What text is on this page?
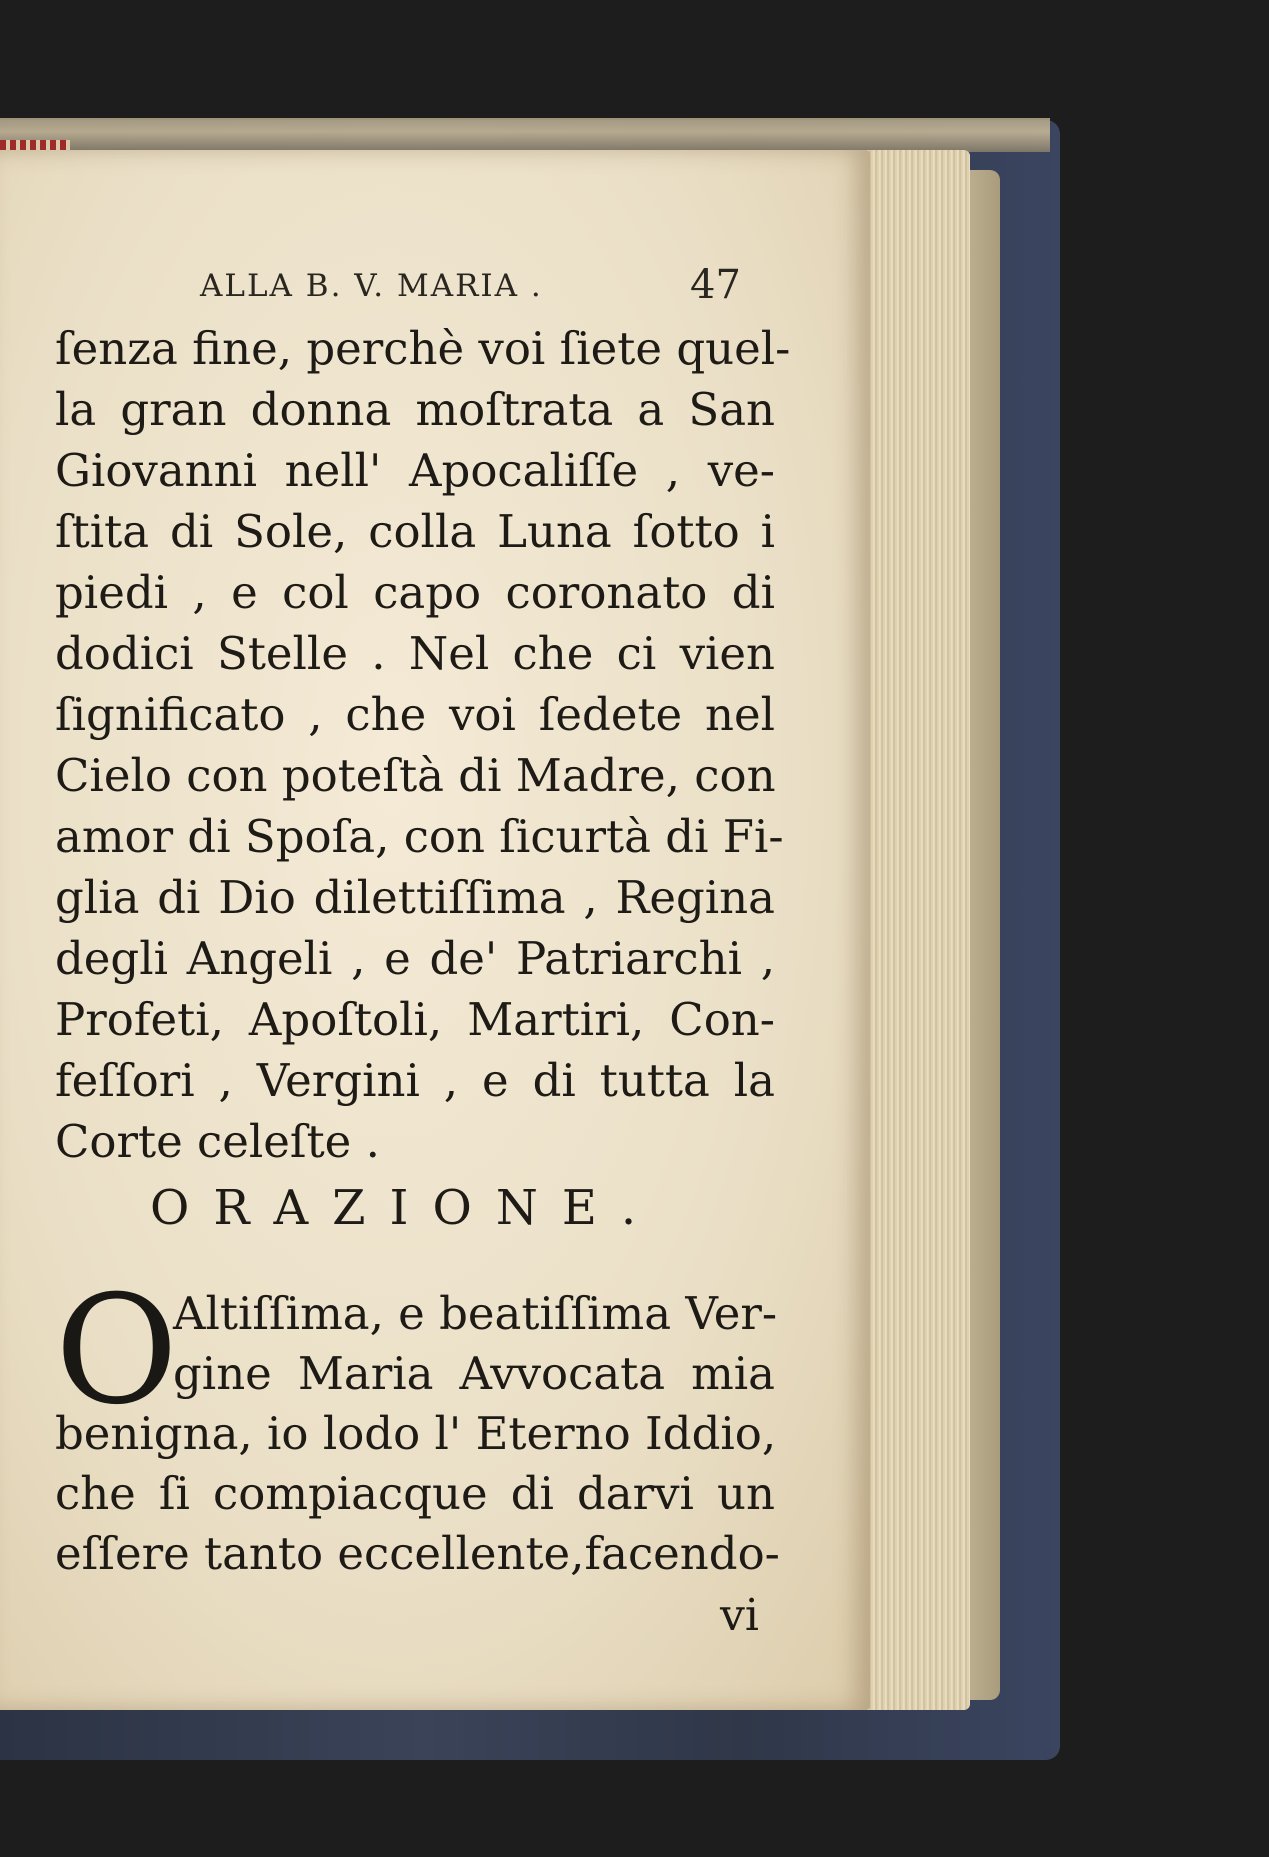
ALLA B. V. MARIA .	47
ſenza fine, perchè voi ſiete quel-
la gran donna moſtrata a San
Giovanni nell' Apocaliſſe , ve-
ſtita di Sole, colla Luna ſotto i
piedi , e col capo coronato di
dodici Stelle . Nel che ci vien
ſignificato , che voi ſedete nel
Cielo con poteſtà di Madre, con
amor di Spoſa, con ſicurtà di Fi-
glia di Dio dilettiſſima , Regina
degli Angeli , e de' Patriarchi ,
Profeti, Apoſtoli, Martiri, Con-
feſſori , Vergini , e di tutta la
Corte celeſte .
ORAZIONE.
O
Altiſſima, e beatiſſima Ver-
gine Maria Avvocata mia
benigna, io lodo l' Eterno Iddio,
che ſi compiacque di darvi un
eſſere tanto eccellente,facendo-
vi
